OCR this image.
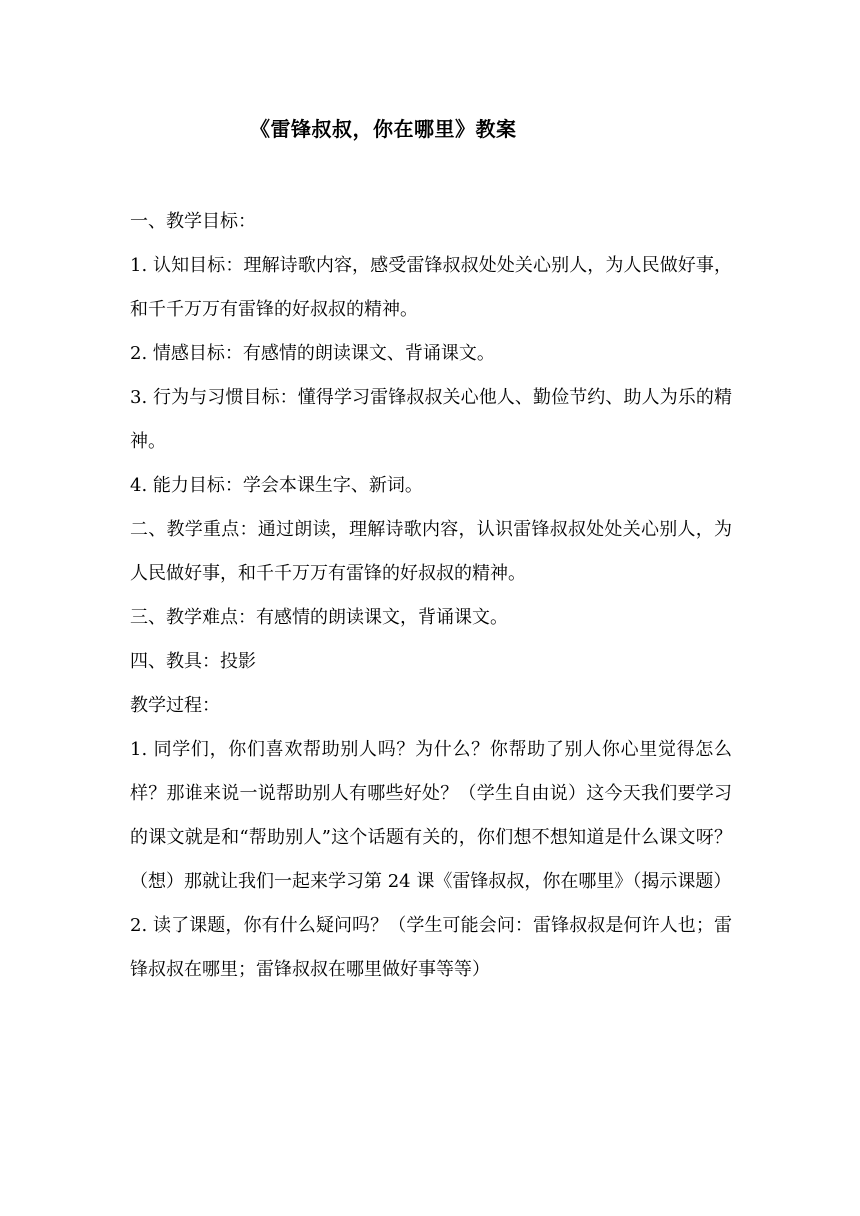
《雷锋叔叔，你在哪里》教案

一、教学目标：

1. 认知目标：理解诗歌内容，感受雷锋叔叔处处关心别人，为人民做好事，和千千万万有雷锋的好叔叔的精神。

2. 情感目标：有感情的朗读课文、背诵课文。

3. 行为与习惯目标：懂得学习雷锋叔叔关心他人、勤俭节约、助人为乐的精神。

4. 能力目标：学会本课生字、新词。

二、教学重点：通过朗读，理解诗歌内容，认识雷锋叔叔处处关心别人，为人民做好事，和千千万万有雷锋的好叔叔的精神。

三、教学难点：有感情的朗读课文，背诵课文。

四、教具：投影

教学过程：

1. 同学们，你们喜欢帮助别人吗？为什么？你帮助了别人你心里觉得怎么样？那谁来说一说帮助别人有哪些好处？（学生自由说）这今天我们要学习的课文就是和“帮助别人”这个话题有关的，你们想不想知道是什么课文呀？（想）那就让我们一起来学习第 24 课《雷锋叔叔，你在哪里》（揭示课题）

2. 读了课题，你有什么疑问吗？（学生可能会问：雷锋叔叔是何许人也；雷锋叔叔在哪里；雷锋叔叔在哪里做好事等等）
